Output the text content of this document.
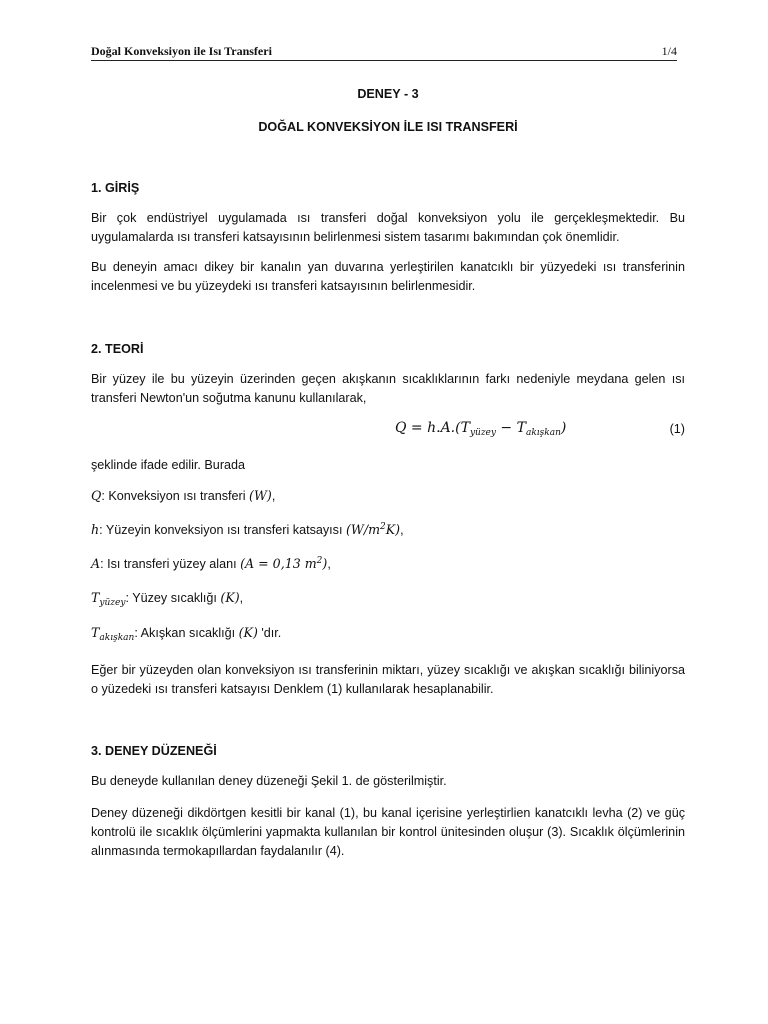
Doğal Konveksiyon ile Isı Transferi	1/4
DENEY - 3
DOĞAL KONVEKSİYON İLE ISI TRANSFERİ
1. GİRİŞ
Bir çok endüstriyel uygulamada ısı transferi doğal konveksiyon yolu ile gerçekleşmektedir. Bu uygulamalarda ısı transferi katsayısının belirlenmesi sistem tasarımı bakımından çok önemlidir.
Bu deneyin amacı dikey bir kanalın yan duvarına yerleştirilen kanatcıklı bir yüzyedeki ısı transferinin incelenmesi ve bu yüzeydeki ısı transferi katsayısının belirlenmesidir.
2. TEORİ
Bir yüzey ile bu yüzeyin üzerinden geçen akışkanın sıcaklıklarının farkı nedeniyle meydana gelen ısı transferi Newton'un soğutma kanunu kullanılarak,
$Q = h.A.(T_{yüzey} - T_{akışkan})$	(1)
şeklinde ifade edilir. Burada
Q: Konveksiyon ısı transferi (W),
h: Yüzeyin konveksiyon ısı transferi katsayısı $(W/m^2K)$,
A: Isı transferi yüzey alanı (A = 0,13 $m^2$),
$T_{yüzey}$: Yüzey sıcaklığı (K),
$T_{akışkan}$: Akışkan sıcaklığı (K) 'dır.
Eğer bir yüzeyden olan konveksiyon ısı transferinin miktarı, yüzey sıcaklığı ve akışkan sıcaklığı biliniyorsa o yüzedeki ısı transferi katsayısı Denklem (1) kullanılarak hesaplanabilir.
3. DENEY DÜZENEĞİ
Bu deneyde kullanılan deney düzeneği Şekil 1. de gösterilmiştir.
Deney düzeneği dikdörtgen kesitli bir kanal (1), bu kanal içerisine yerleştirlien kanatcıklı levha (2) ve güç kontrolü ile sıcaklık ölçümlerini yapmakta kullanılan bir kontrol ünitesinden oluşur (3). Sıcaklık ölçümlerinin alınmasında termokapıllardan faydalanılır (4).
